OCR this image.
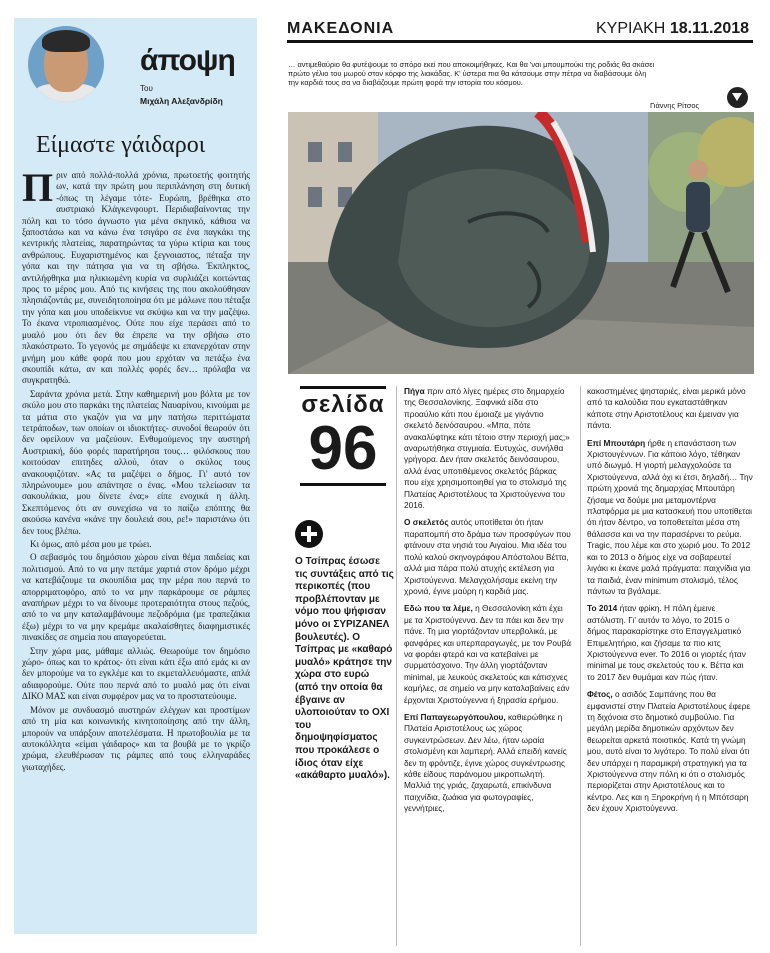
άποψη
Του
Μιχάλη Αλεξανδρίδη
Είμαστε γάιδαροι

Πριν από πολλά-πολλά χρόνια, πρωτοετής φοιτητής ων, κατά την πρώτη μου περιπλάνηση στη δυτική -όπως τη λέγαμε τότε- Ευρώπη, βρέθηκα στο αυστριακό Κλάγκενφουρτ. Περιδιαβαίνοντας την πόλη και το τόσο άγνωστο για μένα σκηνικό, κάθισα να ξαποστάσω και να κάνω ένα τσιγάρο σε ένα παγκάκι της κεντρικής πλατείας, παρατηρώντας τα γύρω κτίρια και τους ανθρώπους. Ευχαριστημένος και ξεγνοιαστος, πέταξα την γόπα και την πάτησα για να τη σβήσω. Έκπληκτος, αντιλήφθηκα μια ηλικιωμένη κυρία να συρλιάζει κοιτώντας προς το μέρος μου. Από τις κινήσεις της που ακολούθησαν πλησιάζοντάς με, συνειδητοποίησα ότι με μάλωνε που πέταξα την γόπα και μου υποδείκνυε να σκύψω και να την μαζέψω. Το έκανα ντροπιασμένος. Ούτε που είχε περάσει από το μυαλό μου ότι δεν θα έπρεπε να την σβήσω στο πλακόστρωτο. Το γεγονός με σημάδεψε κι επανερχόταν στην μνήμη μου κάθε φορά που μου ερχόταν να πετάξω ένα σκουπίδι κάτω, αν και πολλές φορές δεν… πρόλαβα να συγκρατηθώ.

Σαράντα χρόνια μετά. Στην καθημερινή μου βόλτα με τον σκύλο μου στο παρκάκι της πλατείας Ναυαρίνου, κινούμαι με τα μάτια στο γκαζόν για να μην πατήσω περιττώματα τετράποδων, των οποίων οι ιδιοκτήτες- συνοδοί θεωρούν ότι δεν οφείλουν να μαζεύουν. Ενθυμούμενος την αυστηρή Αυστριακή, δύο φορές παρατήρησα τους… φιλόσκους που κοιτούσαν επιτηδες αλλού, όταν ο σκύλος τους ανακουφιζόταν. «Ας τα μαζέψει ο δήμος. Γι' αυτό τον πληρώνουμε» μου απάντησε ο ένας. «Μου τελείωσαν τα σακουλάκια, μου δίνετε ένα;» είπε ενοχικά η άλλη. Σκεπτόμενος ότι αν συνεχίσω να το παίζω επόπτης θα ακούσω κανένα «κάνε την δουλειά σου, ρε!» παριστάνω ότι δεν τους βλέπω.

Κι όμως, από μέσα μου με τρώει.

Ο σεβασμός του δημόσιου χώρου είναι θέμα παιδείας και πολιτισμού. Από το να μην πετάμε χαρτιά στον δρόμο μέχρι να κατεβάζουμε τα σκουπίδια μας την μέρα που περνά το απορριματοφόρο, από το να μην παρκάρουμε σε ράμπες αναπήρων μέχρι το να δίνουμε προτεραιότητα στους πεζούς, από το να μην καταλαμβάνουμε πεζοδρόμια (με τραπεζάκια έξω) μέχρι το να μην κρεμάμε ακαλαίσθητες διαφημιστικές πινακίδες σε σημεία που απαγορεύεται.

Στην χώρα μας, μάθαμε αλλιώς. Θεωρούμε τον δημόσιο χώρο- όπως και το κράτος- ότι είναι κάτι έξω από εμάς κι αν δεν μπορούμε να το εγκλέμε και το εκμεταλλευόμαστε, απλά αδιαφορούμε. Ούτε που περνά από το μυαλό μας ότι είναι ΔΙΚΟ ΜΑΣ και είναι συμφέρον μας να το προστατεύουμε.

Μόνον με συνδυασμό αυστηρών ελέγχων και προστίμων από τη μία και κοινωνικής κινητοποίησης από την άλλη, μπορούν να υπάρξουν αποτελέσματα. Η πρωτοβουλία με τα αυτοκόλλητα «είμαι γάιδαρος» και τα βουβά με το γκρίζο χρώμα, ελευθέρωσαν τις ράμπες από τους ελληναράδες γιωταχήδες.

ΜΑΚΕΔΟΝΙΑ	ΚΥΡΙΑΚΗ 18.11.2018
… αντιμεθαύριο θα φυτέψουμε το σπόρο εκεί που αποκοιμήθηκες. Και θα 'ναι μπουμπούκι της ροδιάς θα σκάσει πρώτο γέλιο του μωρού στον κόρφο της λιακάδας. Κ' ύστερα πια θα κάτσουμε στην πέτρα να διαβάσουμε όλη την καρδιά τους σα να διαβάζουμε πρώτη φορά την ιστορία του κόσμου.
Γιάννης Ρίτσος
σελίδα
96
Ο Τσίπρας έσωσε τις συντάξεις από τις περικοπές (που προβλέπονταν με νόμο που ψήφισαν μόνο οι ΣΥΡΙΖΑΝΕΛ βουλευτές). Ο Τσίπρας με «καθαρό μυαλό» κράτησε την χώρα στο ευρώ (από την οποία θα έβγαινε αν υλοποιούταν το ΟΧΙ του δημοψηφίσματος που προκάλεσε ο ίδιος όταν είχε «ακάθαρτο μυαλό»).

Πήγα πριν από λίγες ημέρες στο δημαρχείο της Θεσσαλονίκης. Ξαφνικά είδα στο προαύλιο κάτι που έμοιαζε με γιγάντιο σκελετό δεινόσαυρου. «Μπα, πότε ανακαλύφτηκε κάτι τέτοιο στην περιοχή μας;» αναρωτήθηκα στιγμιαία. Ευτυχώς, συνήλθα γρήγορα. Δεν ήταν σκελετός δεινόσαυρου, αλλά ένας υποτιθέμενος σκελετός βάρκας που είχε χρησιμοποιηθεί για το στολισμό της Πλατείας Αριστοτέλους τα Χριστούγεννα του 2016.

Ο σκελετός αυτός υποτίθεται ότι ήταν παραπομπή στο δράμα των προσφύγων που φτάνουν στα νησιά του Αιγαίου. Μια ιδέα του πολύ καλού σκηνογράφου Απόστολου Βέττα, αλλά μια πάρα πολύ ατυχής εκτέλεση για Χριστούγεννα. Μελαγχολήσαμε εκείνη την χρονιά, έγινε μαύρη η καρδιά μας.

Εδώ που τα λέμε, η Θεσσαλονίκη κάτι έχει με τα Χριστούγεννα. Δεν τα πάει και δεν την πάνε. Τη μια γιορτάζονταν υπερβολικά, με φανφάρες και υπερπαραγωγές, με τον Ρουβά να φοράει φτερά και να κατεβαίνει με συρματόσχοινο. Την άλλη γιορτάζονταν minimal, με λευκούς σκελετούς και κάτισχνες καμήλες, σε σημείο να μην καταλαβαίνεις εάν έρχονται Χριστούγεννα ή ξηρασία ερήμου.

Επί Παπαγεωργόπουλου, καθιερώθηκε η Πλατεία Αριστοτέλους ως χώρος συγκεντρώσεων. Δεν λέω, ήταν ωραία στολισμένη και λαμπερή. Αλλά επειδή κανείς δεν τη φρόντιζε, έγινε χώρος συγκέντρωσης κάθε είδους παράνομου μικροπωλητή. Μαλλιά της γριάς, ζαχαρωτά, επικίνδυνα παιχνίδια, ζωάκια για φωτογραφίες, γεννήτριες,

κακοστημένες ψησταριές, είναι μερικά μόνο από τα καλούδια που εγκαταστάθηκαν κάποτε στην Αριστοτέλους και έμειναν για πάντα.

Επί Μπουτάρη ήρθε η επανάσταση των Χριστουγέννων. Για κάποιο λόγο, τέθηκαν υπό διωγμό. Η γιορτή μελαγχολούσε τα Χριστούγεννα, αλλά όχι κι έτσι, δηλαδή… Την πρώτη χρονιά της δημαρχίας Μπουτάρη ζήσαμε να δούμε μια μεταμοντέρνα πλατφόρμα με μια κατασκευή που υποτίθεται ότι ήταν δέντρο, να τοποθετείται μέσα στη θάλασσα και να την παρασέρνει το ρεύμα. Tragic, που λέμε και στο χωριό μου. Το 2012 και το 2013 ο δήμος είχε να σοβαρευτεί λιγάκι κι έκανε μαλά πράγματα: παιχνίδια για τα παιδιά, έναν minimum στολισμό, τέλος πάντων τα βγάλαμε.

Το 2014 ήταν φρίκη. Η πόλη έμεινε αστόλιστη. Γι' αυτόν το λόγο, το 2015 ο δήμος παρακαρίστηκε στο Επαγγελματικό Επιμελητήριο, και ζήσαμε τα πιο κιτς Χριστούγεννα ever. Το 2016 οι γιορτές ήταν minimal με τους σκελετούς του κ. Βέττα και το 2017 δεν θυμάμαι καν πώς ήταν.

Φέτος, ο ασιδός Σαμπάνης που θα εμφανιστεί στην Πλατεία Αριστοτέλους έφερε τη διχόνοια στο δημοτικό συμβούλιο. Για μεγάλη μερίδα δημοτικών αρχόντων δεν θεωρείται αρκετά ποιοτικός. Κατά τη γνώμη μου, αυτό είναι το λιγότερο. Το πολύ είναι ότι δεν υπάρχει η παραμικρή στρατηγική για τα Χριστούγεννα στην πόλη κι ότι ο στολισμός περιορίζεται στην Αριστοτέλους και το κέντρο. Λες και η Ξηροκρήνη ή η Μπότσαρη δεν έχουν Χριστούγεννα.
